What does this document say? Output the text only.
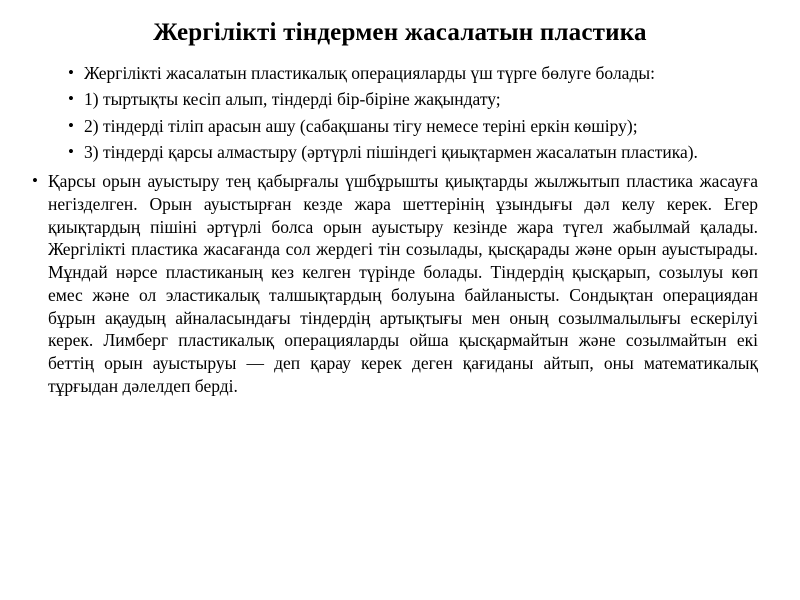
Жергілікті тіндермен жасалатын пластика
• Жергілікті жасалатын пластикалық операцияларды үш түрге бөлуге болады:
• 1) тыртықты кесіп алып, тіндерді бір-біріне жақындату;
• 2) тіндерді тіліп арасын ашу (сабақшаны тігу немесе теріні еркін көшіру);
• 3) тіндерді қарсы алмастыру (әртүрлі пішіндегі қиықтармен жасалатын пластика).
• Қарсы орын ауыстыру тең қабырғалы үшбұрышты қиықтарды жылжытып пластика жасауға негізделген. Орын ауыстырған кезде жара шеттерінің ұзындығы дәл келу керек. Егер қиықтардың пішіні әртүрлі болса орын ауыстыру кезінде жара түгел жабылмай қалады. Жергілікті пластика жасағанда сол жердегі тін созылады, қысқарады және орын ауыстырады. Мұндай нәрсе пластиканың кез келген түрінде болады. Тіндердің қысқарып, созылуы көп емес және ол эластикалық талшықтардың болуына байланысты. Сондықтан операциядан бұрын ақаудың айналасындағы тіндердің артықтығы мен оның созылмалылығы ескерілуі керек. Лимберг пластикалық операцияларды ойша қысқармайтын және созылмайтын екі беттің орын ауыстыруы — деп қарау керек деген қағиданы айтып, оны математикалық тұрғыдан дәлелдеп берді.
